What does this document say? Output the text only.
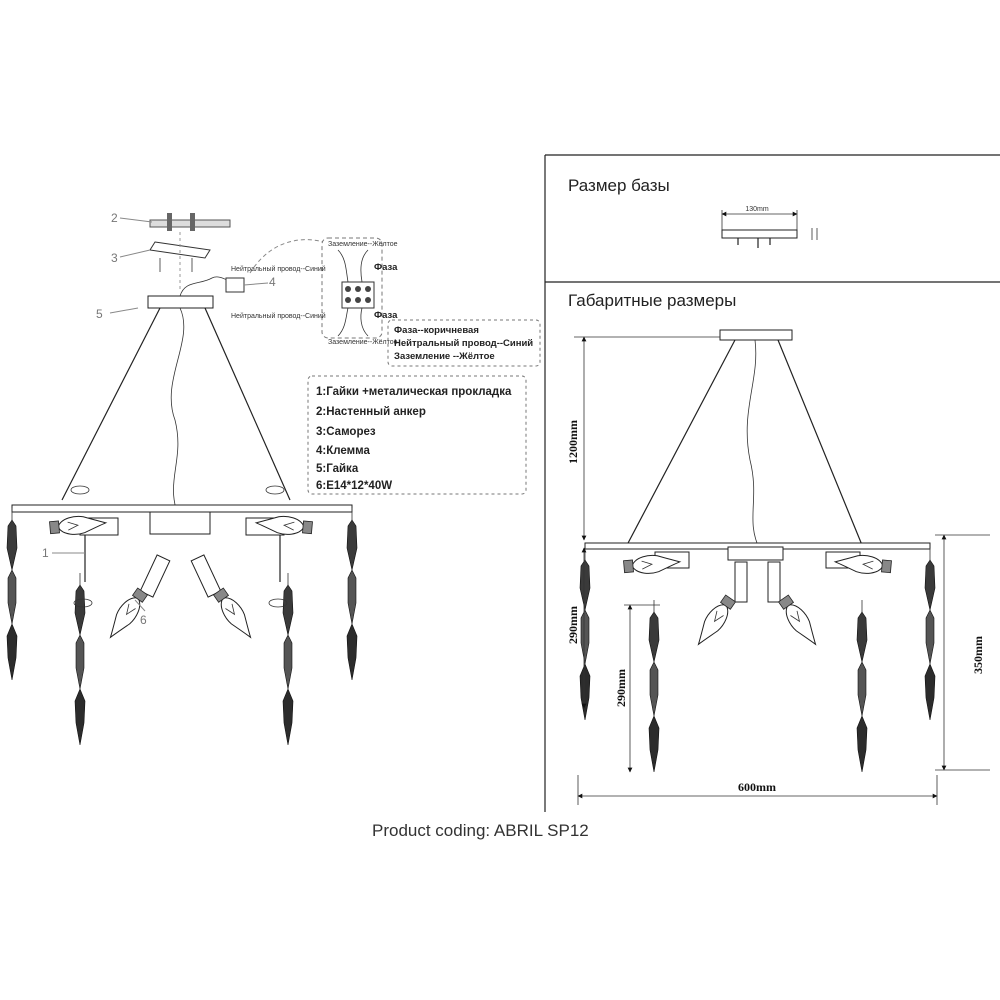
Размер базы
130mm
Габаритные размеры
1200mm
290mm
290mm
350mm
600mm
2
3
4
5
1
6
Нейтральный провод--Синий
Нейтральный провод--Синий
Заземление--Жёлтое
Заземление--Жёлтое
Фаза
Фаза
Фаза--коричневая
Нейтральный провод--Синий
Заземление --Жёлтое
1:Гайки +металическая прокладка
2:Настенный анкер
3:Саморез
4:Клемма
5:Гайка
6:E14*12*40W
Product coding: ABRIL SP12
